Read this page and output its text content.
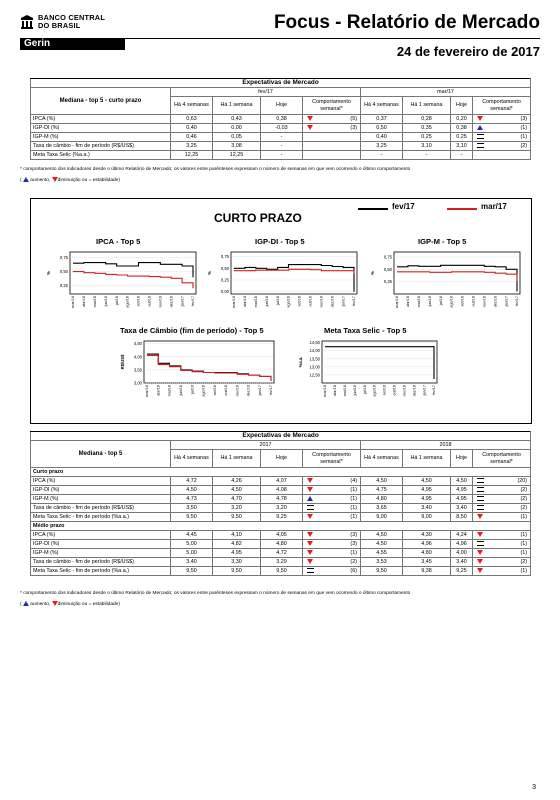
BANCO CENTRAL
DO BRASIL
Gerin
Focus - Relatório de Mercado
24 de fevereiro de 2017
Expectativas de Mercado								
Mediana - top 5 - curto prazo	fev/17				mar/17			
	Há 4 semanas	Há 1 semana	Hoje	Comportamento semanal*	Há 4 semanas	Há 1 semana	Hoje	Comportamento semanal*
IPCA (%)	0,63	0,43	0,38	(5)	0,37	0,28	0,20	(3)
IGP-DI (%)	0,40	0,00	-0,03	(3)	0,50	0,35	0,38	(1)
IGP-M (%)	0,46	0,05	-		0,40	0,25	0,25	(1)
Taxa de câmbio - fim de período (R$/US$)	3,25	3,08	-		3,25	3,10	3,10	(2)
Meta Taxa Selic (%a.a.)	12,25	12,25	-		-	-	-	
* comportamento dos indicadores desde o último Relatório de Mercado; os valores entre parênteses expressam o número de semanas em que vem ocorrendo o último comportamento
( aumento, diminuição ou = estabilidade)
CURTO PRAZO
fev/17	mar/17
IPCA - Top 5	IGP-DI - Top 5	IGP-M - Top 5
Taxa de Câmbio (fim de período) - Top 5	Meta Taxa Selic - Top 5
0,75
0,50
0,25
%
mar/16 abr/16 mai/16 jun/16 jul/16 ago/16 set/16 out/16 nov/16 dez/16 jan/17 fev/17
0,75
0,50
0,25
0,00
%
mar/16 abr/16 mai/16 jun/16 jul/16 ago/16 set/16 out/16 nov/16 dez/16 jan/17 fev/17
0,75
0,50
0,25
%
mar/16 abr/16 mai/16 jun/16 jul/16 ago/16 set/16 out/16 nov/16 dez/16 jan/17 fev/17
4,50
4,00
3,50
3,00
R$/US$
mar/16 abr/16 mai/16 jun/16 jul/16 ago/16 set/16 out/16 nov/16 dez/16 jan/17 fev/17
14,50
14,00
13,50
13,00
12,50
%a.a.
mar/16 abr/16 mai/16 jun/16 jul/16 ago/16 set/16 out/16 nov/16 dez/16 jan/17 fev/17
Expectativas de Mercado								
Mediana - top 5	2017				2018			
	Há 4 semanas	Há 1 semana	Hoje	Comportamento semanal*	Há 4 semanas	Há 1 semana	Hoje	Comportamento semanal*
Curto prazo								
IPCA (%)	4,72	4,26	4,07	(4)	4,50	4,50	4,50	(20)
IGP-DI (%)	4,50	4,50	4,08	(1)	4,75	4,95	4,95	(2)
IGP-M (%)	4,73	4,70	4,78	(1)	4,80	4,95	4,95	(2)
Taxa de câmbio - fim de período (R$/US$)	3,50	3,20	3,20	(1)	3,65	3,40	3,40	(2)
Meta Taxa Selic - fim de período (%a.a.)	9,50	9,50	9,25	(1)	9,00	9,00	8,50	(1)
Médio prazo								
IPCA (%)	4,45	4,10	4,05	(3)	4,50	4,30	4,24	(1)
IGP-DI (%)	5,00	4,82	4,80	(3)	4,50	4,96	4,96	(1)
IGP-M (%)	5,00	4,95	4,72	(1)	4,55	4,80	4,00	(1)
Taxa de câmbio - fim de período (R$/US$)	3,40	3,30	3,29	(2)	3,53	3,45	3,40	(2)
Meta Taxa Selic - fim de período (%a.a.)	9,50	9,50	9,50	(6)	9,50	9,38	9,25	(1)
* comportamento dos indicadores desde o último Relatório de Mercado; os valores entre parênteses expressam o número de semanas em que vem ocorrendo o último comportamento
( aumento, diminuição ou = estabilidade)
3
